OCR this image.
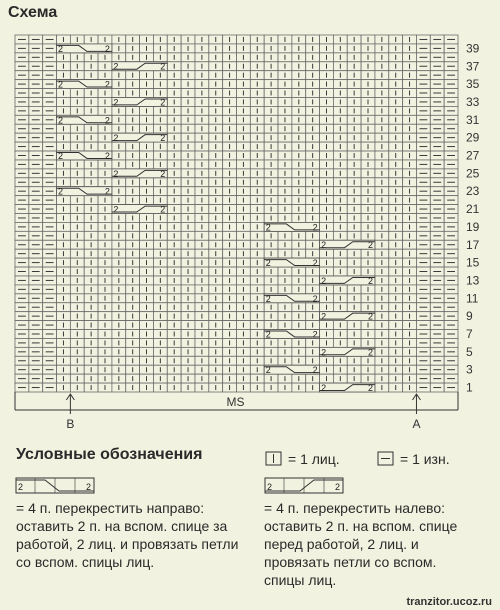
Схема
2	2
2	2
2	2
2	2
2	2
2	2
2	2
2	2
2	2
2	2
2	2
2	2
2	2
2	2
2	2
2	2
2	2
2	2
2	2
2	2
39
37
35
33
31
29
27
25
23
21
19
17
15
13
11
9
7
5
3
1
B
MS
A
Условные обозначения	= 1 лиц.	= 1 изн.
2	2
= 4 п. перекрестить направо: оставить 2 п. на вспом. спице за работой, 2 лиц. и провязать петли со вспом. спицы лиц.
2	2
= 4 п. перекрестить налево: оставить 2 п. на вспом. спице перед работой, 2 лиц. и провязать петли со вспом. спицы лиц.
tranzitor.ucoz.ru
